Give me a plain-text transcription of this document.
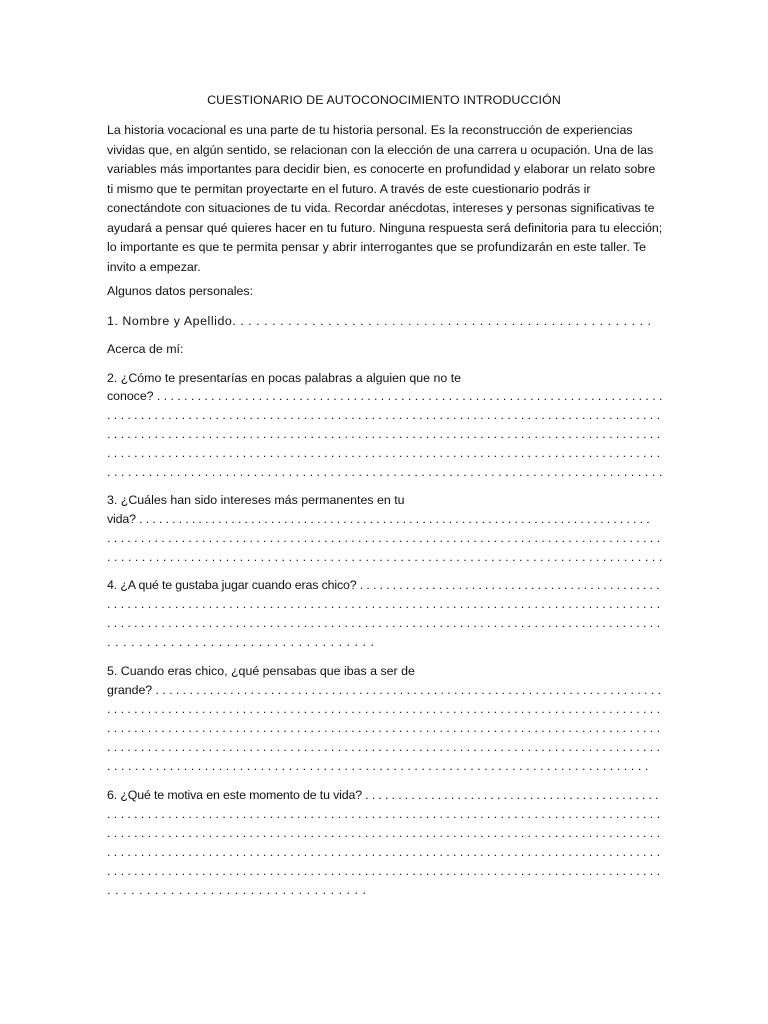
CUESTIONARIO DE AUTOCONOCIMIENTO INTRODUCCIÓN

La historia vocacional es una parte de tu historia personal. Es la reconstrucción de experiencias vividas que, en algún sentido, se relacionan con la elección de una carrera u ocupación. Una de las variables más importantes para decidir bien, es conocerte en profundidad y elaborar un relato sobre ti mismo que te permitan proyectarte en el futuro. A través de este cuestionario podrás ir conectándote con situaciones de tu vida. Recordar anécdotas, intereses y personas significativas te ayudará a pensar qué quieres hacer en tu futuro. Ninguna respuesta será definitoria para tu elección; lo importante es que te permita pensar y abrir interrogantes que se profundizarán en este taller. Te invito a empezar.

Algunos datos personales:

1. Nombre y Apellido. . . . . . . . . . . . . . . . . . . . . . . . . . . . . . . . . . . . . . . . . . . . . . . . . . . . .

Acerca de mí:

2. ¿Cómo te presentarías en pocas palabras a alguien que no te

conoce? . . . . . . . . . . . . . . . . . . . . . . . . . . . . . . . . . . . . . . . . . . . . . . . . . . . . . . . . . . . . . . . . . . . . . . . . . . .

. . . . . . . . . . . . . . . . . . . . . . . . . . . . . . . . . . . . . . . . . . . . . . . . . . . . . . . . . . . . . . . . . . . . . . . . . . . . . . . . . .

. . . . . . . . . . . . . . . . . . . . . . . . . . . . . . . . . . . . . . . . . . . . . . . . . . . . . . . . . . . . . . . . . . . . . . . . . . . . . . . . . .

. . . . . . . . . . . . . . . . . . . . . . . . . . . . . . . . . . . . . . . . . . . . . . . . . . . . . . . . . . . . . . . . . . . . . . . . . . . . . . . . . .

. . . . . . . . . . . . . . . . . . . . . . . . . . . . . . . . . . . . . . . . . . . . . . . . . . . . . . . . . . . . . . . . . . . . . . . . . . . . . . . .

3. ¿Cuáles han sido intereses más permanentes en tu

vida? . . . . . . . . . . . . . . . . . . . . . . . . . . . . . . . . . . . . . . . . . . . . . . . . . . . . . . . . . . . . . . . . . . . . . . . . . . . . . .

. . . . . . . . . . . . . . . . . . . . . . . . . . . . . . . . . . . . . . . . . . . . . . . . . . . . . . . . . . . . . . . . . . . . . . . . . . . . . . . . . .

. . . . . . . . . . . . . . . . . . . . . . . . . . . . . . . . . . . . . . . . . . . . . . . . . . . . . . . . . . . . . . . . . . . . . . . . . . . . . . . .

4. ¿A qué te gustaba jugar cuando eras chico? . . . . . . . . . . . . . . . . . . . . . . . . . . . . . . . . . . . . . . . . . . . . . .

. . . . . . . . . . . . . . . . . . . . . . . . . . . . . . . . . . . . . . . . . . . . . . . . . . . . . . . . . . . . . . . . . . . . . . . . . . . . . . . . . .

. . . . . . . . . . . . . . . . . . . . . . . . . . . . . . . . . . . . . . . . . . . . . . . . . . . . . . . . . . . . . . . . . . . . . . . . . . . . . . . . . .

. . . . . . . . . . . . . . . . . . . . . . . . . . . . . . . . . .

5. Cuando eras chico, ¿qué pensabas que ibas a ser de

grande? . . . . . . . . . . . . . . . . . . . . . . . . . . . . . . . . . . . . . . . . . . . . . . . . . . . . . . . . . . . . . . . . . . . . . . . . . . .

. . . . . . . . . . . . . . . . . . . . . . . . . . . . . . . . . . . . . . . . . . . . . . . . . . . . . . . . . . . . . . . . . . . . . . . . . . . . . . . . . .

. . . . . . . . . . . . . . . . . . . . . . . . . . . . . . . . . . . . . . . . . . . . . . . . . . . . . . . . . . . . . . . . . . . . . . . . . . . . . . . . . .

. . . . . . . . . . . . . . . . . . . . . . . . . . . . . . . . . . . . . . . . . . . . . . . . . . . . . . . . . . . . . . . . . . . . . . . . . . . . . . . . . .

. . . . . . . . . . . . . . . . . . . . . . . . . . . . . . . . . . . . . . . . . . . . . . . . . . . . . . . . . . . . . . . . . . . . . . . . . . . . . .

6. ¿Qué te motiva en este momento de tu vida? . . . . . . . . . . . . . . . . . . . . . . . . . . . . . . . . . . . . . . . . . . . . .

. . . . . . . . . . . . . . . . . . . . . . . . . . . . . . . . . . . . . . . . . . . . . . . . . . . . . . . . . . . . . . . . . . . . . . . . . . . . . . . . . .

. . . . . . . . . . . . . . . . . . . . . . . . . . . . . . . . . . . . . . . . . . . . . . . . . . . . . . . . . . . . . . . . . . . . . . . . . . . . . . . . . .

. . . . . . . . . . . . . . . . . . . . . . . . . . . . . . . . . . . . . . . . . . . . . . . . . . . . . . . . . . . . . . . . . . . . . . . . . . . . . . . . . .

. . . . . . . . . . . . . . . . . . . . . . . . . . . . . . . . . . . . . . . . . . . . . . . . . . . . . . . . . . . . . . . . . . . . . . . . . . . . . . . . . .

. . . . . . . . . . . . . . . . . . . . . . . . . . . . . . . . .
